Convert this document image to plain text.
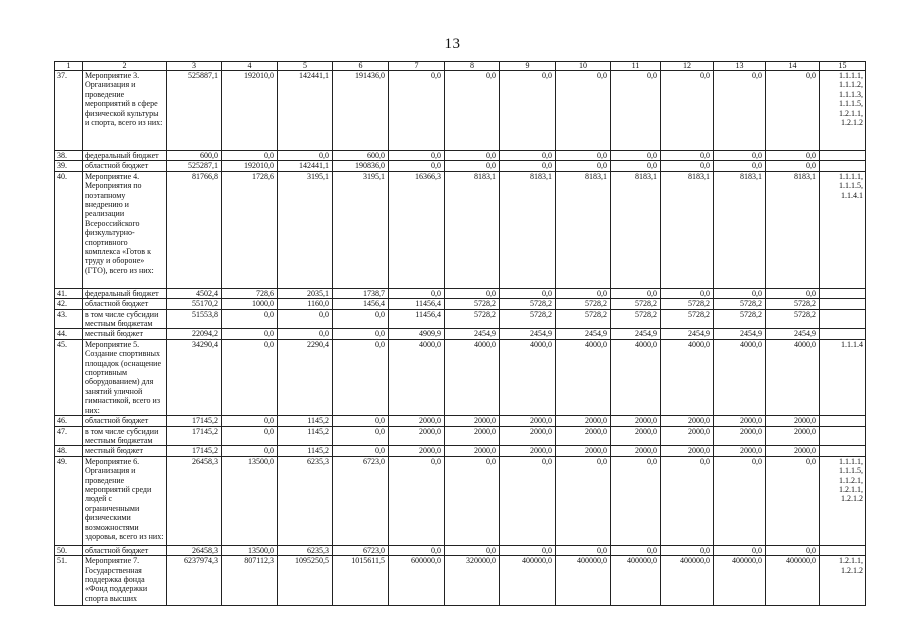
13
1	2	3	4	5	6	7	8	9	10	11	12	13	14	15
37.	Мероприятие 3. Организация и проведение мероприятий в сфере физической культуры и спорта, всего из них:	525887,1	192010,0	142441,1	191436,0	0,0	0,0	0,0	0,0	0,0	0,0	0,0	0,0	1.1.1.1, 1.1.1.2, 1.1.1.3, 1.1.1.5, 1.2.1.1, 1.2.1.2
38.	федеральный бюджет	600,0	0,0	0,0	600,0	0,0	0,0	0,0	0,0	0,0	0,0	0,0	0,0	
39.	областной бюджет	525287,1	192010,0	142441,1	190836,0	0,0	0,0	0,0	0,0	0,0	0,0	0,0	0,0	
40.	Мероприятие 4. Мероприятия по поэтапному внедрению и реализации Всероссийского физкультурно-спортивного комплекса «Готов к труду и обороне» (ГТО), всего из них:	81766,8	1728,6	3195,1	3195,1	16366,3	8183,1	8183,1	8183,1	8183,1	8183,1	8183,1	8183,1	1.1.1.1, 1.1.1.5, 1.1.4.1
41.	федеральный бюджет	4502,4	728,6	2035,1	1738,7	0,0	0,0	0,0	0,0	0,0	0,0	0,0	0,0	
42.	областной бюджет	55170,2	1000,0	1160,0	1456,4	11456,4	5728,2	5728,2	5728,2	5728,2	5728,2	5728,2	5728,2	
43.	в том числе субсидии местным бюджетам	51553,8	0,0	0,0	0,0	11456,4	5728,2	5728,2	5728,2	5728,2	5728,2	5728,2	5728,2	
44.	местный бюджет	22094,2	0,0	0,0	0,0	4909,9	2454,9	2454,9	2454,9	2454,9	2454,9	2454,9	2454,9	
45.	Мероприятие 5. Создание спортивных площадок (оснащение спортивным оборудованием) для занятий уличной гимнастикой, всего из них:	34290,4	0,0	2290,4	0,0	4000,0	4000,0	4000,0	4000,0	4000,0	4000,0	4000,0	4000,0	1.1.1.4
46.	областной бюджет	17145,2	0,0	1145,2	0,0	2000,0	2000,0	2000,0	2000,0	2000,0	2000,0	2000,0	2000,0	
47.	в том числе субсидии местным бюджетам	17145,2	0,0	1145,2	0,0	2000,0	2000,0	2000,0	2000,0	2000,0	2000,0	2000,0	2000,0	
48.	местный бюджет	17145,2	0,0	1145,2	0,0	2000,0	2000,0	2000,0	2000,0	2000,0	2000,0	2000,0	2000,0	
49.	Мероприятие 6. Организация и проведение мероприятий среди людей с ограниченными физическими возможностями здоровья, всего из них:	26458,3	13500,0	6235,3	6723,0	0,0	0,0	0,0	0,0	0,0	0,0	0,0	0,0	1.1.1.1, 1.1.1.5, 1.1.2.1, 1.2.1.1, 1.2.1.2
50.	областной бюджет	26458,3	13500,0	6235,3	6723,0	0,0	0,0	0,0	0,0	0,0	0,0	0,0	0,0	
51.	Мероприятие 7. Государственная поддержка фонда «Фонд поддержки спорта высших	6237974,3	807112,3	1095250,5	1015611,5	600000,0	320000,0	400000,0	400000,0	400000,0	400000,0	400000,0	400000,0	1.2.1.1, 1.2.1.2
